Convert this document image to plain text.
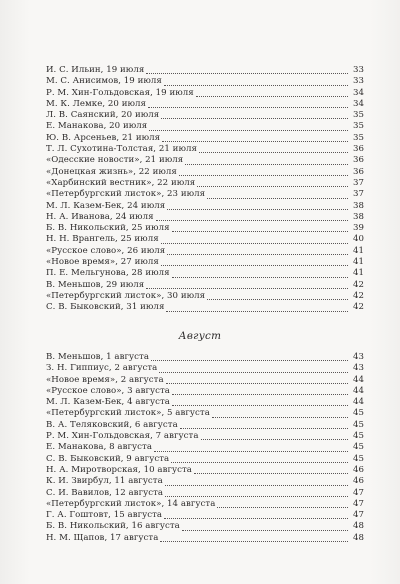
И. С. Ильин, 19 июля	33
М. С. Анисимов, 19 июля	33
Р. М. Хин-Гольдовская, 19 июля	34
М. К. Лемке, 20 июля	34
Л. В. Саянский, 20 июля	35
Е. Манакова, 20 июля	35
Ю. В. Арсеньев, 21 июля	35
Т. Л. Сухотина-Толстая, 21 июля	36
«Одесские новости», 21 июля	36
«Донецкая жизнь», 22 июля	36
«Харбинский вестник», 22 июля	37
«Петербургский листок», 23 июля	37
М. Л. Казем-Бек, 24 июля	38
Н. А. Иванова, 24 июля	38
Б. В. Никольский, 25 июля	39
Н. Н. Врангель, 25 июля	40
«Русское слово», 26 июля	41
«Новое время», 27 июля	41
П. Е. Мельгунова, 28 июля	41
В. Меньшов, 29 июля	42
«Петербургский листок», 30 июля	42
С. В. Быковский, 31 июля	42
Август
В. Меньшов, 1 августа	43
З. Н. Гиппиус, 2 августа	43
«Новое время», 2 августа	44
«Русское слово», 3 августа	44
М. Л. Казем-Бек, 4 августа	44
«Петербургский листок», 5 августа	45
В. А. Теляковский, 6 августа	45
Р. М. Хин-Гольдовская, 7 августа	45
Е. Манакова, 8 августа	45
С. В. Быковский, 9 августа	45
Н. А. Миротворская, 10 августа	46
К. И. Звирбул, 11 августа	46
С. И. Вавилов, 12 августа	47
«Петербургский листок», 14 августа	47
Г. А. Гоштовт, 15 августа	47
Б. В. Никольский, 16 августа	48
Н. М. Щапов, 17 августа	48
